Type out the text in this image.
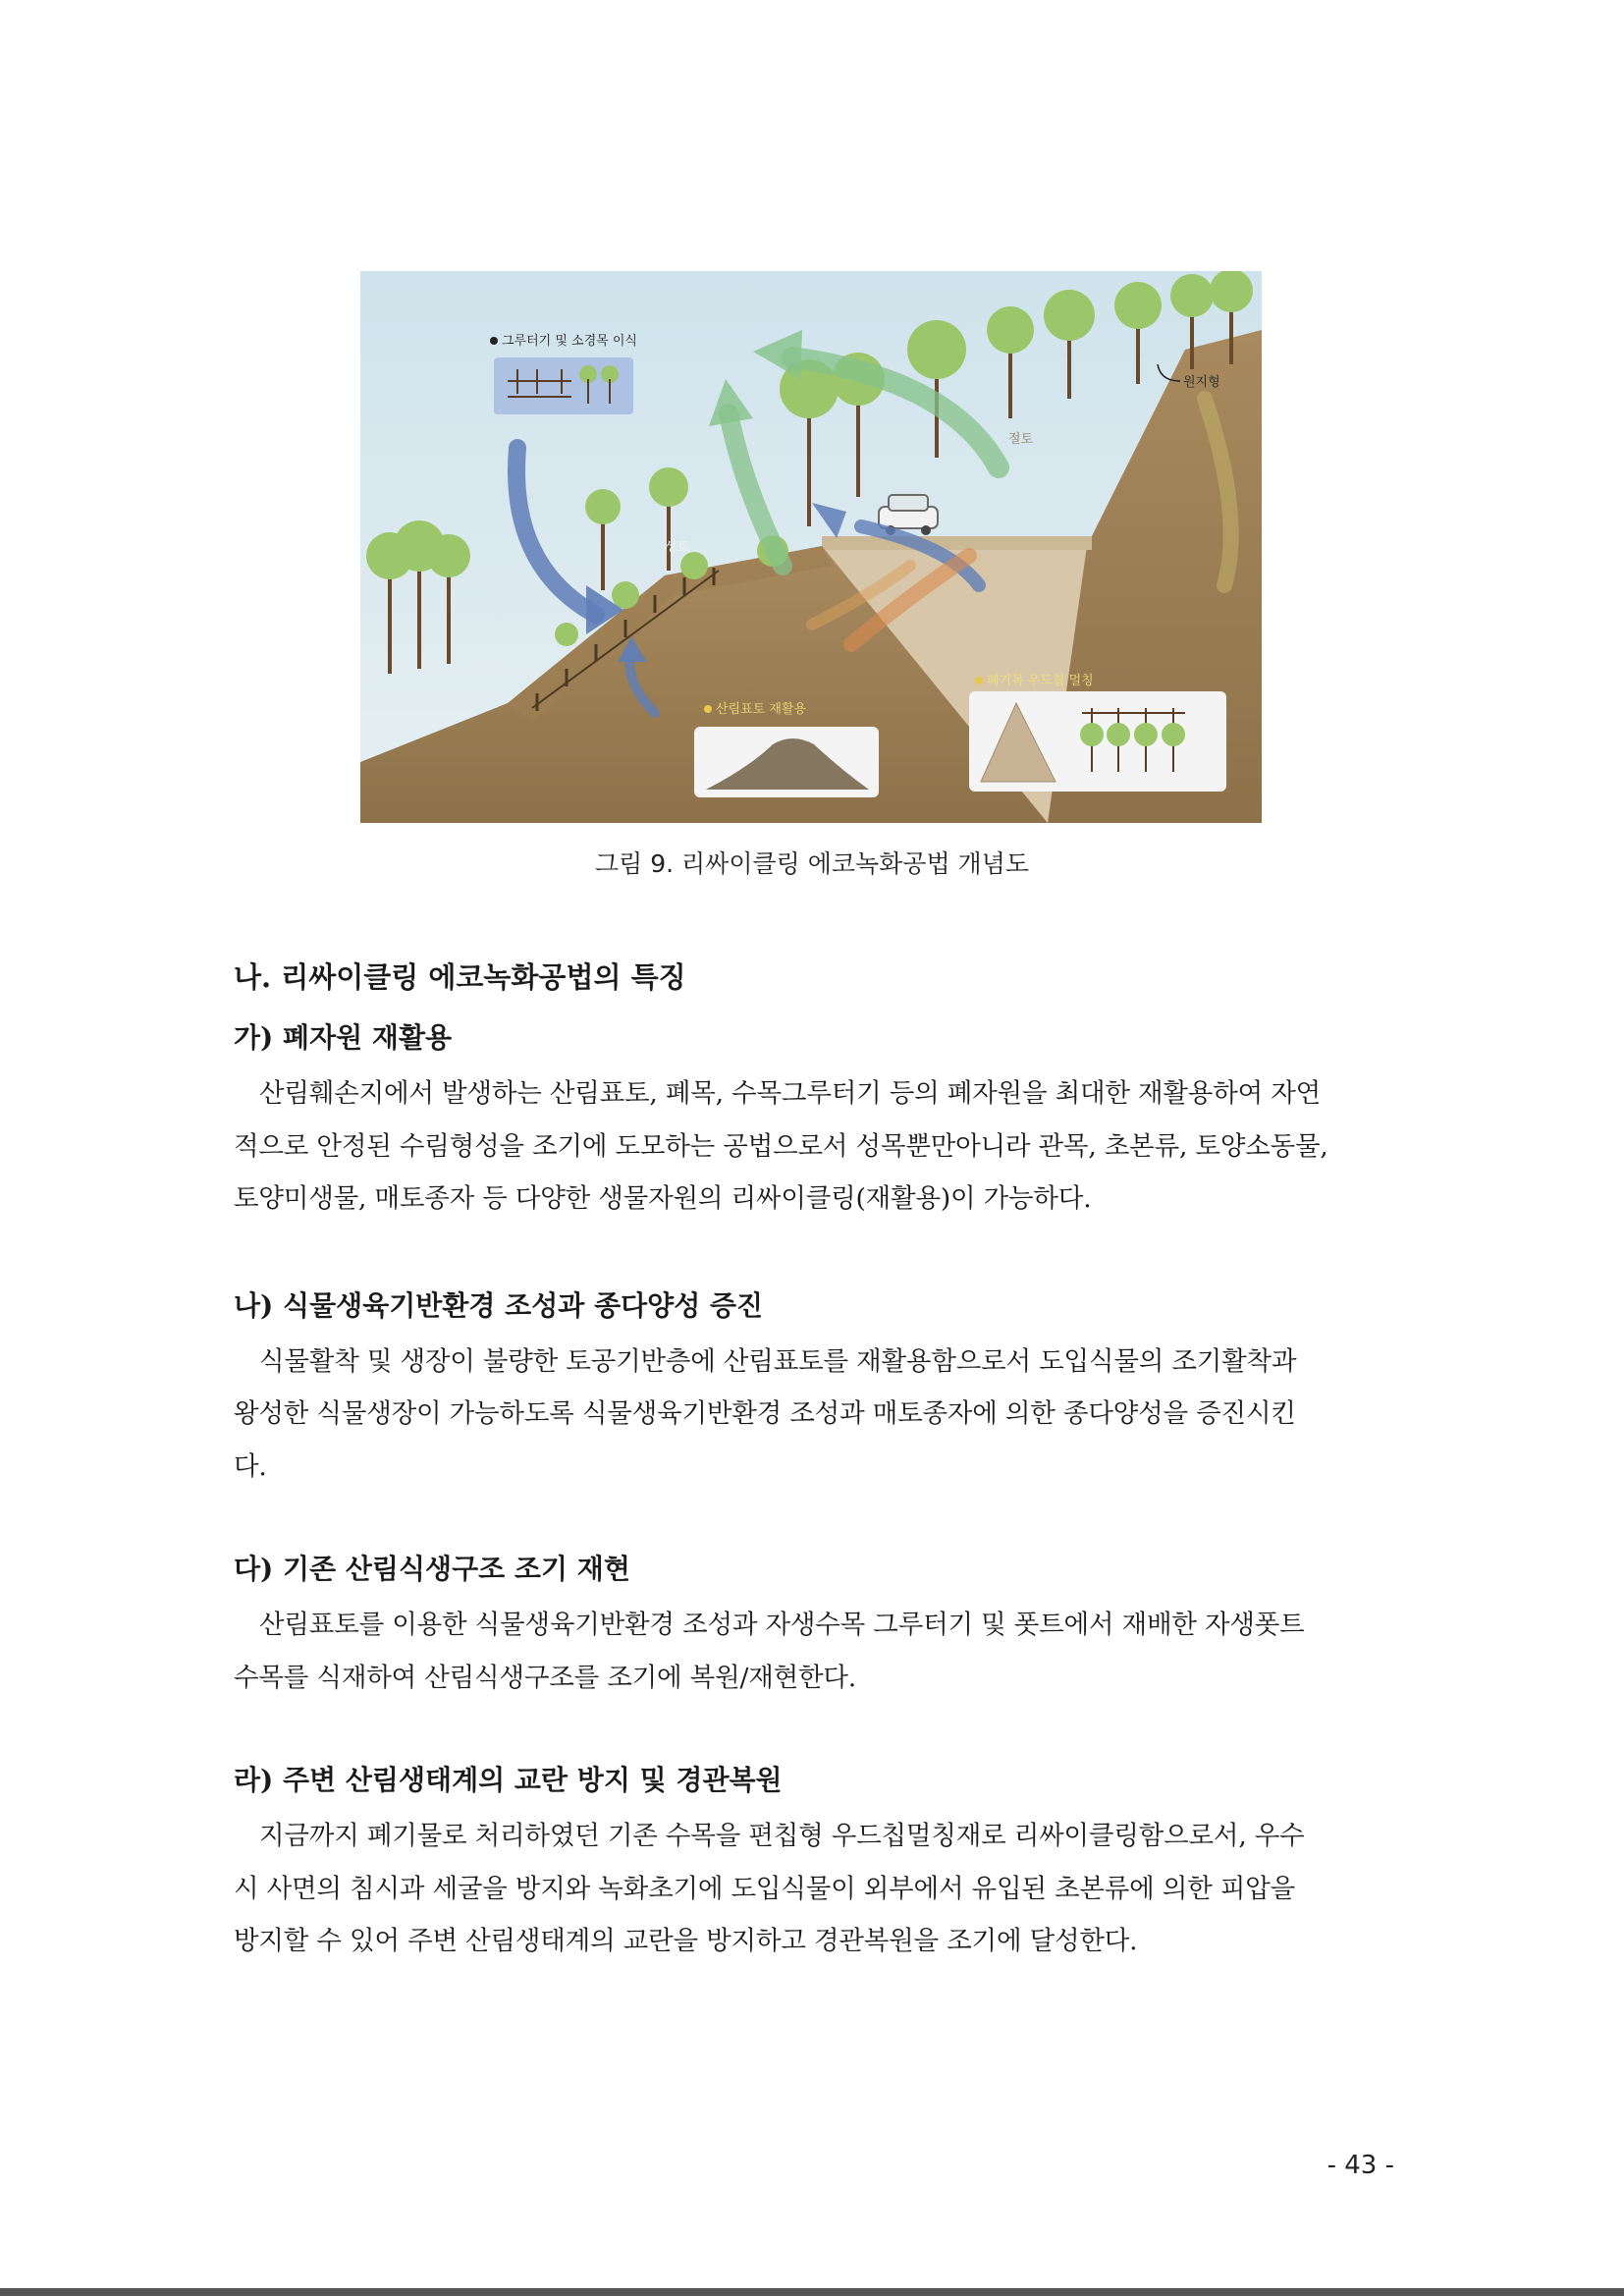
그루터기 및 소경목 이식
원지형
절토
성토
산림표토 재활용
폐기목 우드칩 멀칭
그림 9. 리싸이클링 에코녹화공법 개념도
나. 리싸이클링 에코녹화공법의 특징
가) 폐자원 재활용

산림훼손지에서 발생하는 산림표토, 폐목, 수목그루터기 등의 폐자원을 최대한 재활용하여 자연
적으로 안정된 수림형성을 조기에 도모하는 공법으로서 성목뿐만아니라 관목, 초본류, 토양소동물,
토양미생물, 매토종자 등 다양한 생물자원의 리싸이클링(재활용)이 가능하다.

나) 식물생육기반환경 조성과 종다양성 증진

식물활착 및 생장이 불량한 토공기반층에 산림표토를 재활용함으로서 도입식물의 조기활착과
왕성한 식물생장이 가능하도록 식물생육기반환경 조성과 매토종자에 의한 종다양성을 증진시킨
다.

다) 기존 산림식생구조 조기 재현

산림표토를 이용한 식물생육기반환경 조성과 자생수목 그루터기 및 폿트에서 재배한 자생폿트
수목를 식재하여 산림식생구조를 조기에 복원/재현한다.

라) 주변 산림생태계의 교란 방지 및 경관복원

지금까지 폐기물로 처리하였던 기존 수목을 편칩형 우드칩멀칭재로 리싸이클링함으로서, 우수
시 사면의 침시과 세굴을 방지와 녹화초기에 도입식물이 외부에서 유입된 초본류에 의한 피압을
방지할 수 있어 주변 산림생태계의 교란을 방지하고 경관복원을 조기에 달성한다.

- 43 -
